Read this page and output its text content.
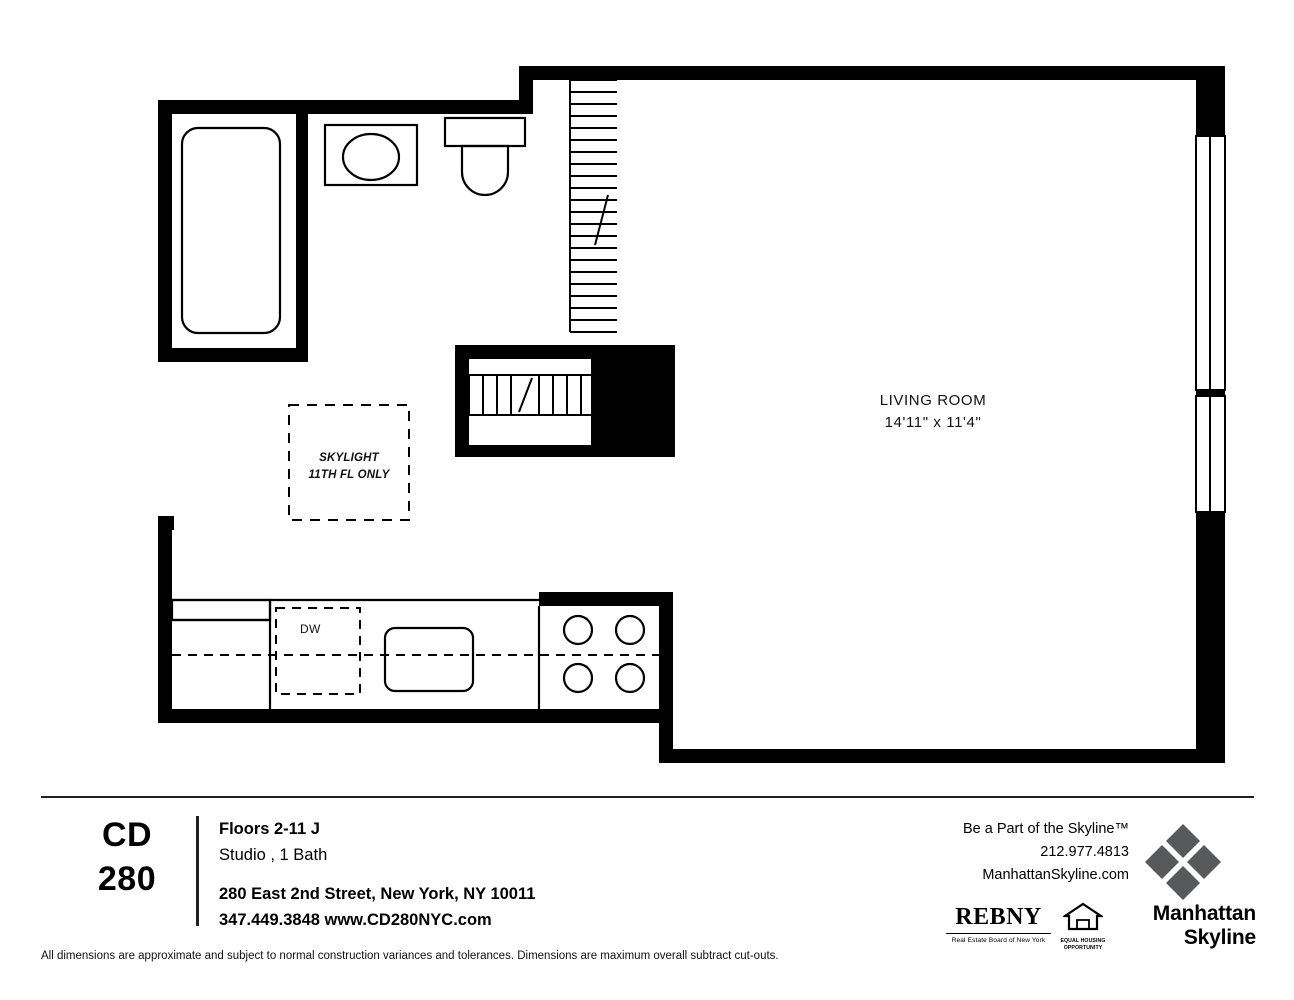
LIVING ROOM
14'11" x 11'4"
SKYLIGHT
11TH FL ONLY
DW
CD
280
Floors 2-11 J
Studio , 1 Bath
280 East 2nd Street, New York, NY 10011
347.449.3848 www.CD280NYC.com
Be a Part of the Skyline™
212.977.4813
ManhattanSkyline.com
REBNY
Real Estate Board of New York	EQUAL HOUSING
OPPORTUNITY
Manhattan
Skyline
All dimensions are approximate and subject to normal construction variances and tolerances. Dimensions are maximum overall subtract cut-outs.
